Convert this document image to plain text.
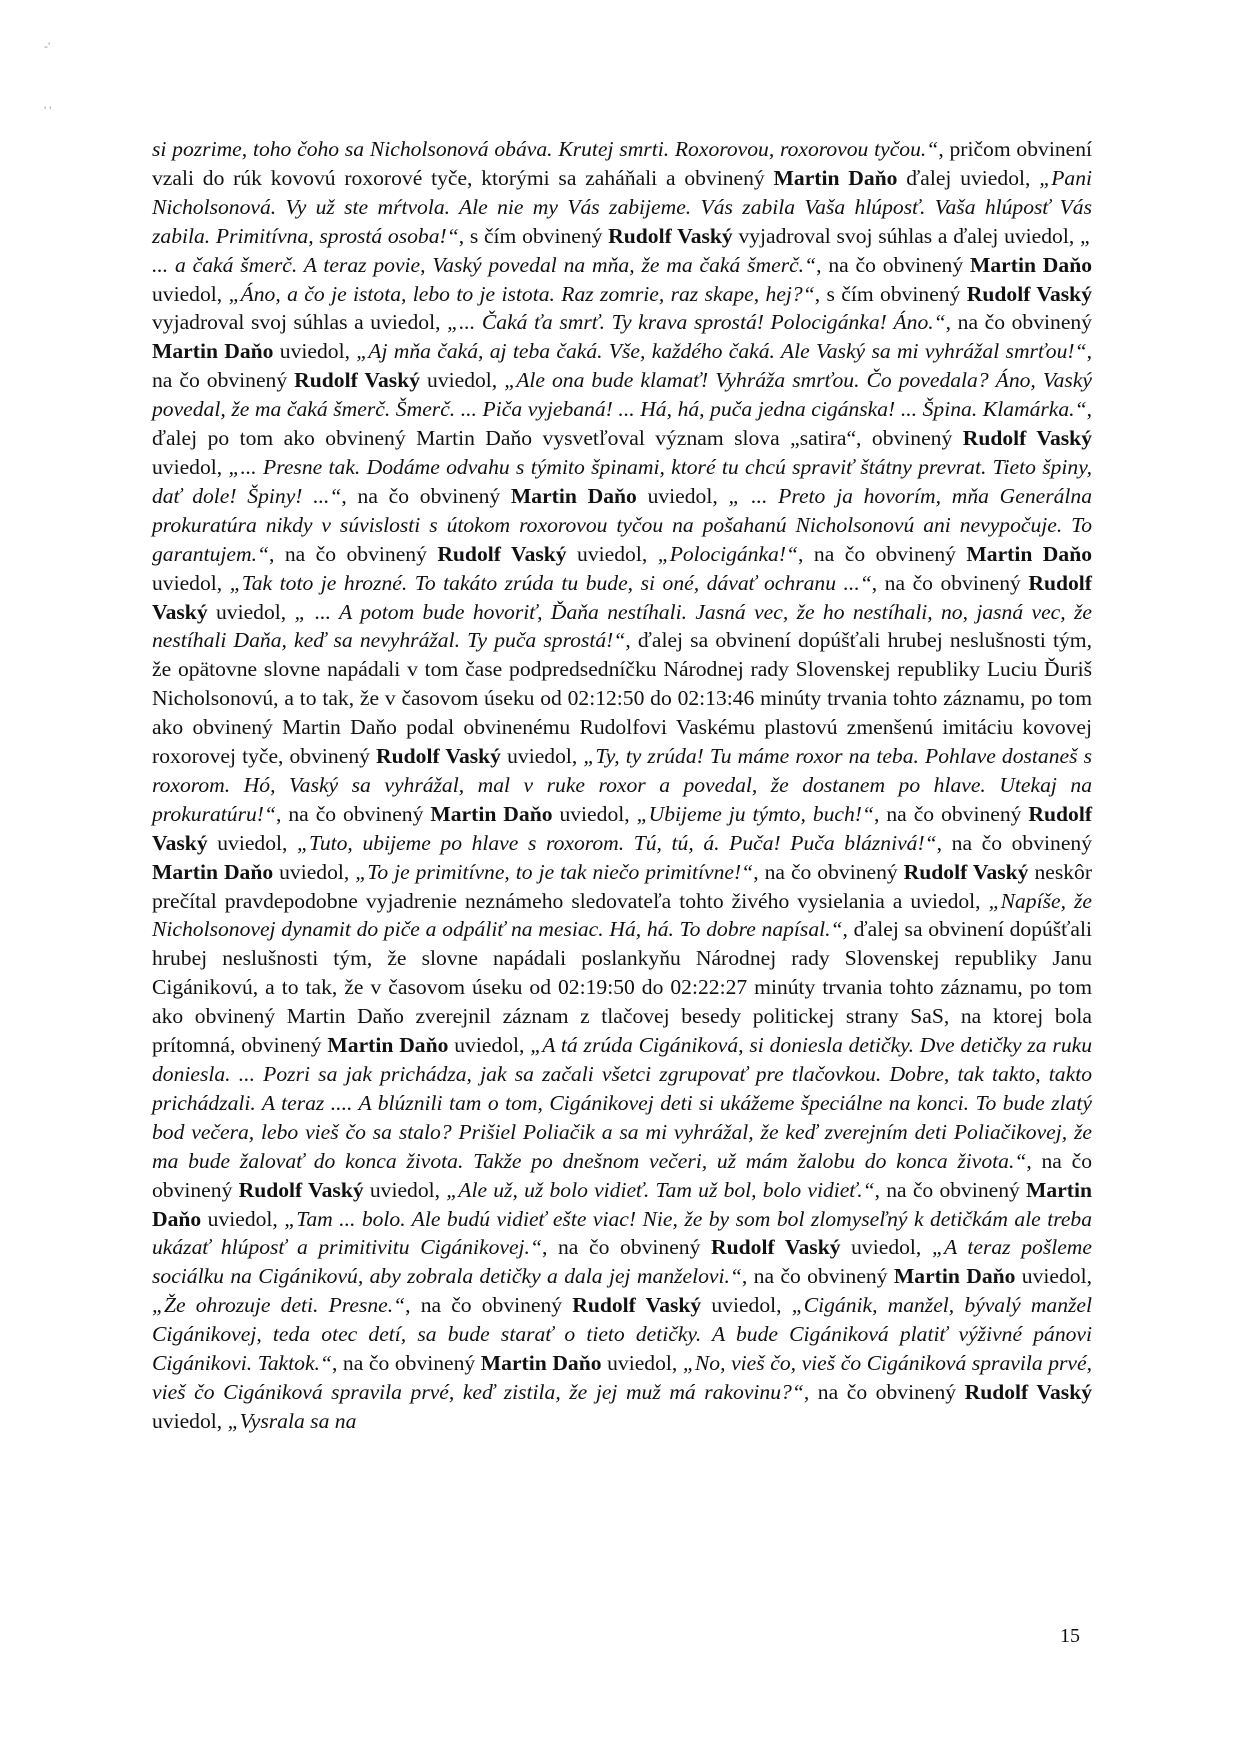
-'
' '

si pozrime, toho čoho sa Nicholsonová obáva. Krutej smrti. Roxorovou, roxorovou tyčou.“, pričom obvinení vzali do rúk kovovú roxorové tyče, ktorými sa zaháňali a obvinený Martin Daňo ďalej uviedol, „Pani Nicholsonová. Vy už ste mŕtvola. Ale nie my Vás zabijeme. Vás zabila Vaša hlúposť. Vaša hlúposť Vás zabila. Primitívna, sprostá osoba!“, s čím obvinený Rudolf Vaský vyjadroval svoj súhlas a ďalej uviedol, „ ... a čaká šmerč. A teraz povie, Vaský povedal na mňa, že ma čaká šmerč.“, na čo obvinený Martin Daňo uviedol, „Áno, a čo je istota, lebo to je istota. Raz zomrie, raz skape, hej?“, s čím obvinený Rudolf Vaský vyjadroval svoj súhlas a uviedol, „... Čaká ťa smrť. Ty krava sprostá! Polocigánka! Áno.“, na čo obvinený Martin Daňo uviedol, „Aj mňa čaká, aj teba čaká. Vše, každého čaká. Ale Vaský sa mi vyhrážal smrťou!“, na čo obvinený Rudolf Vaský uviedol, „Ale ona bude klamať! Vyhráža smrťou. Čo povedala? Áno, Vaský povedal, že ma čaká šmerč. Šmerč. ... Piča vyjebaná! ... Há, há, puča jedna cigánska! ... Špina. Klamárka.“, ďalej po tom ako obvinený Martin Daňo vysvetľoval význam slova „satira“, obvinený Rudolf Vaský uviedol, „... Presne tak. Dodáme odvahu s týmito špinami, ktoré tu chcú spraviť štátny prevrat. Tieto špiny, dať dole! Špiny! ...“, na čo obvinený Martin Daňo uviedol, „ ... Preto ja hovorím, mňa Generálna prokuratúra nikdy v súvislosti s útokom roxorovou tyčou na pošahanú Nicholsonovú ani nevypočuje. To garantujem.“, na čo obvinený Rudolf Vaský uviedol, „Polocigánka!“, na čo obvinený Martin Daňo uviedol, „Tak toto je hrozné. To takáto zrúda tu bude, si oné, dávať ochranu ...“, na čo obvinený Rudolf Vaský uviedol, „ ... A potom bude hovoriť, Ďaňa nestíhali. Jasná vec, že ho nestíhali, no, jasná vec, že nestíhali Daňa, keď sa nevyhrážal. Ty puča sprostá!“, ďalej sa obvinení dopúšťali hrubej neslušnosti tým, že opätovne slovne napádali v tom čase podpredsedníčku Národnej rady Slovenskej republiky Luciu Ďuriš Nicholsonovú, a to tak, že v časovom úseku od 02:12:50 do 02:13:46 minúty trvania tohto záznamu, po tom ako obvinený Martin Daňo podal obvinenému Rudolfovi Vaskému plastovú zmenšenú imitáciu kovovej roxorovej tyče, obvinený Rudolf Vaský uviedol, „Ty, ty zrúda! Tu máme roxor na teba. Pohlave dostaneš s roxorom. Hó, Vaský sa vyhrážal, mal v ruke roxor a povedal, že dostanem po hlave. Utekaj na prokuratúru!“, na čo obvinený Martin Daňo uviedol, „Ubijeme ju týmto, buch!“, na čo obvinený Rudolf Vaský uviedol, „Tuto, ubijeme po hlave s roxorom. Tú, tú, á. Puča! Puča bláznivá!“, na čo obvinený Martin Daňo uviedol, „To je primitívne, to je tak niečo primitívne!“, na čo obvinený Rudolf Vaský neskôr prečítal pravdepodobne vyjadrenie neznámeho sledovateľa tohto živého vysielania a uviedol, „Napíše, že Nicholsonovej dynamit do piče a odpáliť na mesiac. Há, há. To dobre napísal.“, ďalej sa obvinení dopúšťali hrubej neslušnosti tým, že slovne napádali poslankyňu Národnej rady Slovenskej republiky Janu Cigánikovú, a to tak, že v časovom úseku od 02:19:50 do 02:22:27 minúty trvania tohto záznamu, po tom ako obvinený Martin Daňo zverejnil záznam z tlačovej besedy politickej strany SaS, na ktorej bola prítomná, obvinený Martin Daňo uviedol, „A tá zrúda Cigániková, si doniesla detičky. Dve detičky za ruku doniesla. ... Pozri sa jak prichádza, jak sa začali všetci zgrupovať pre tlačovkou. Dobre, tak takto, takto prichádzali. A teraz .... A blúznili tam o tom, Cigánikovej deti si ukážeme špeciálne na konci. To bude zlatý bod večera, lebo vieš čo sa stalo? Prišiel Poliačik a sa mi vyhrážal, že keď zverejním deti Poliačikovej, že ma bude žalovať do konca života. Takže po dnešnom večeri, už mám žalobu do konca života.“, na čo obvinený Rudolf Vaský uviedol, „Ale už, už bolo vidieť. Tam už bol, bolo vidieť.“, na čo obvinený Martin Daňo uviedol, „Tam ... bolo. Ale budú vidieť ešte viac! Nie, že by som bol zlomyseľný k detičkám ale treba ukázať hlúposť a primitivitu Cigánikovej.“, na čo obvinený Rudolf Vaský uviedol, „A teraz pošleme sociálku na Cigánikovú, aby zobrala detičky a dala jej manželovi.“, na čo obvinený Martin Daňo uviedol, „Že ohrozuje deti. Presne.“, na čo obvinený Rudolf Vaský uviedol, „Cigánik, manžel, bývalý manžel Cigánikovej, teda otec detí, sa bude starať o tieto detičky. A bude Cigániková platiť výživné pánovi Cigánikovi. Taktok.“, na čo obvinený Martin Daňo uviedol, „No, vieš čo, vieš čo Cigániková spravila prvé, vieš čo Cigániková spravila prvé, keď zistila, že jej muž má rakovinu?“, na čo obvinený Rudolf Vaský uviedol, „Vysrala sa na

15
